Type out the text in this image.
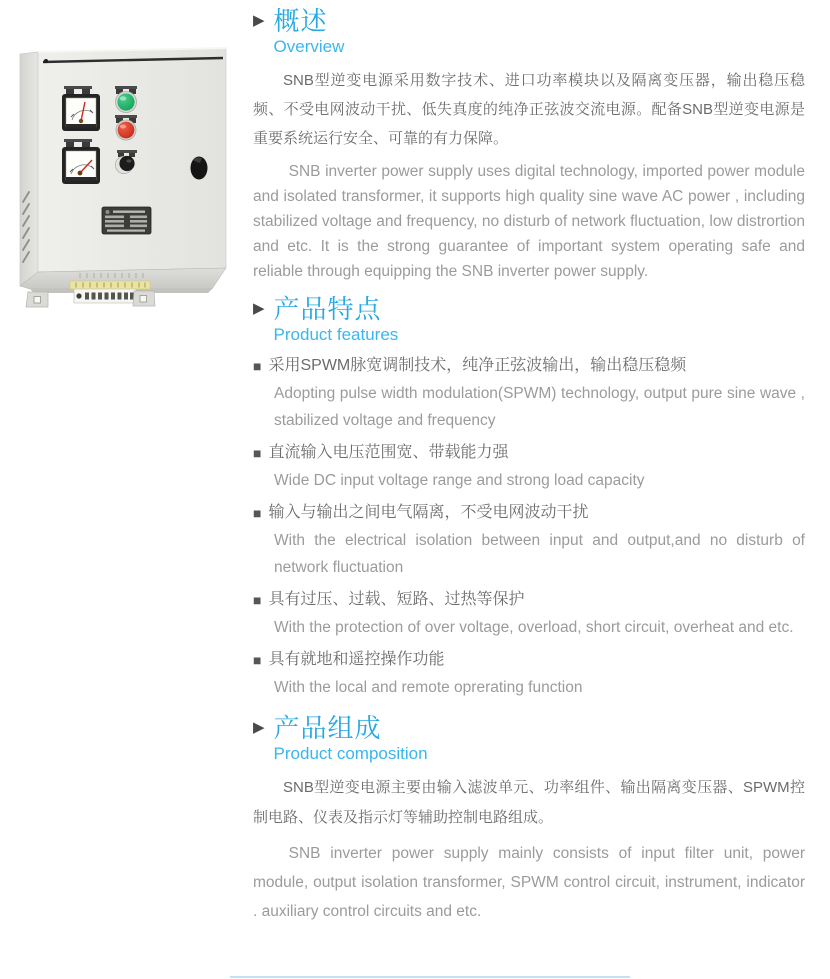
▶ 概述
Overview

SNB型逆变电源采用数字技术、进口功率模块以及隔离变压器，输出稳压稳频、不受电网波动干扰、低失真度的纯净正弦波交流电源。配备SNB型逆变电源是重要系统运行安全、可靠的有力保障。

SNB inverter power supply uses digital technology, imported power module and isolated transformer, it supports high quality sine wave AC power , including stabilized voltage and frequency, no disturb of network fluctuation, low distrortion and etc. It is the strong guarantee of important system operating safe and reliable through equipping the SNB inverter power supply.

▶ 产品特点
Product features
■ 采用SPWM脉宽调制技术，纯净正弦波输出，输出稳压稳频
Adopting pulse width modulation(SPWM) technology, output pure sine wave , stabilized voltage and frequency
■ 直流输入电压范围宽、带载能力强
Wide DC input voltage range and strong load capacity
■ 输入与输出之间电气隔离，不受电网波动干扰
With the electrical isolation between input and output,and no disturb of network fluctuation
■ 具有过压、过载、短路、过热等保护
With the protection of over voltage, overload, short circuit, overheat and etc.
■ 具有就地和遥控操作功能
With the local and remote oprerating function
▶ 产品组成
Product composition

SNB型逆变电源主要由输入滤波单元、功率组件、输出隔离变压器、SPWM控制电路、仪表及指示灯等辅助控制电路组成。

SNB inverter power supply mainly consists of input filter unit, power module, output isolation transformer, SPWM control circuit, instrument, indicator . auxiliary control circuits and etc.
